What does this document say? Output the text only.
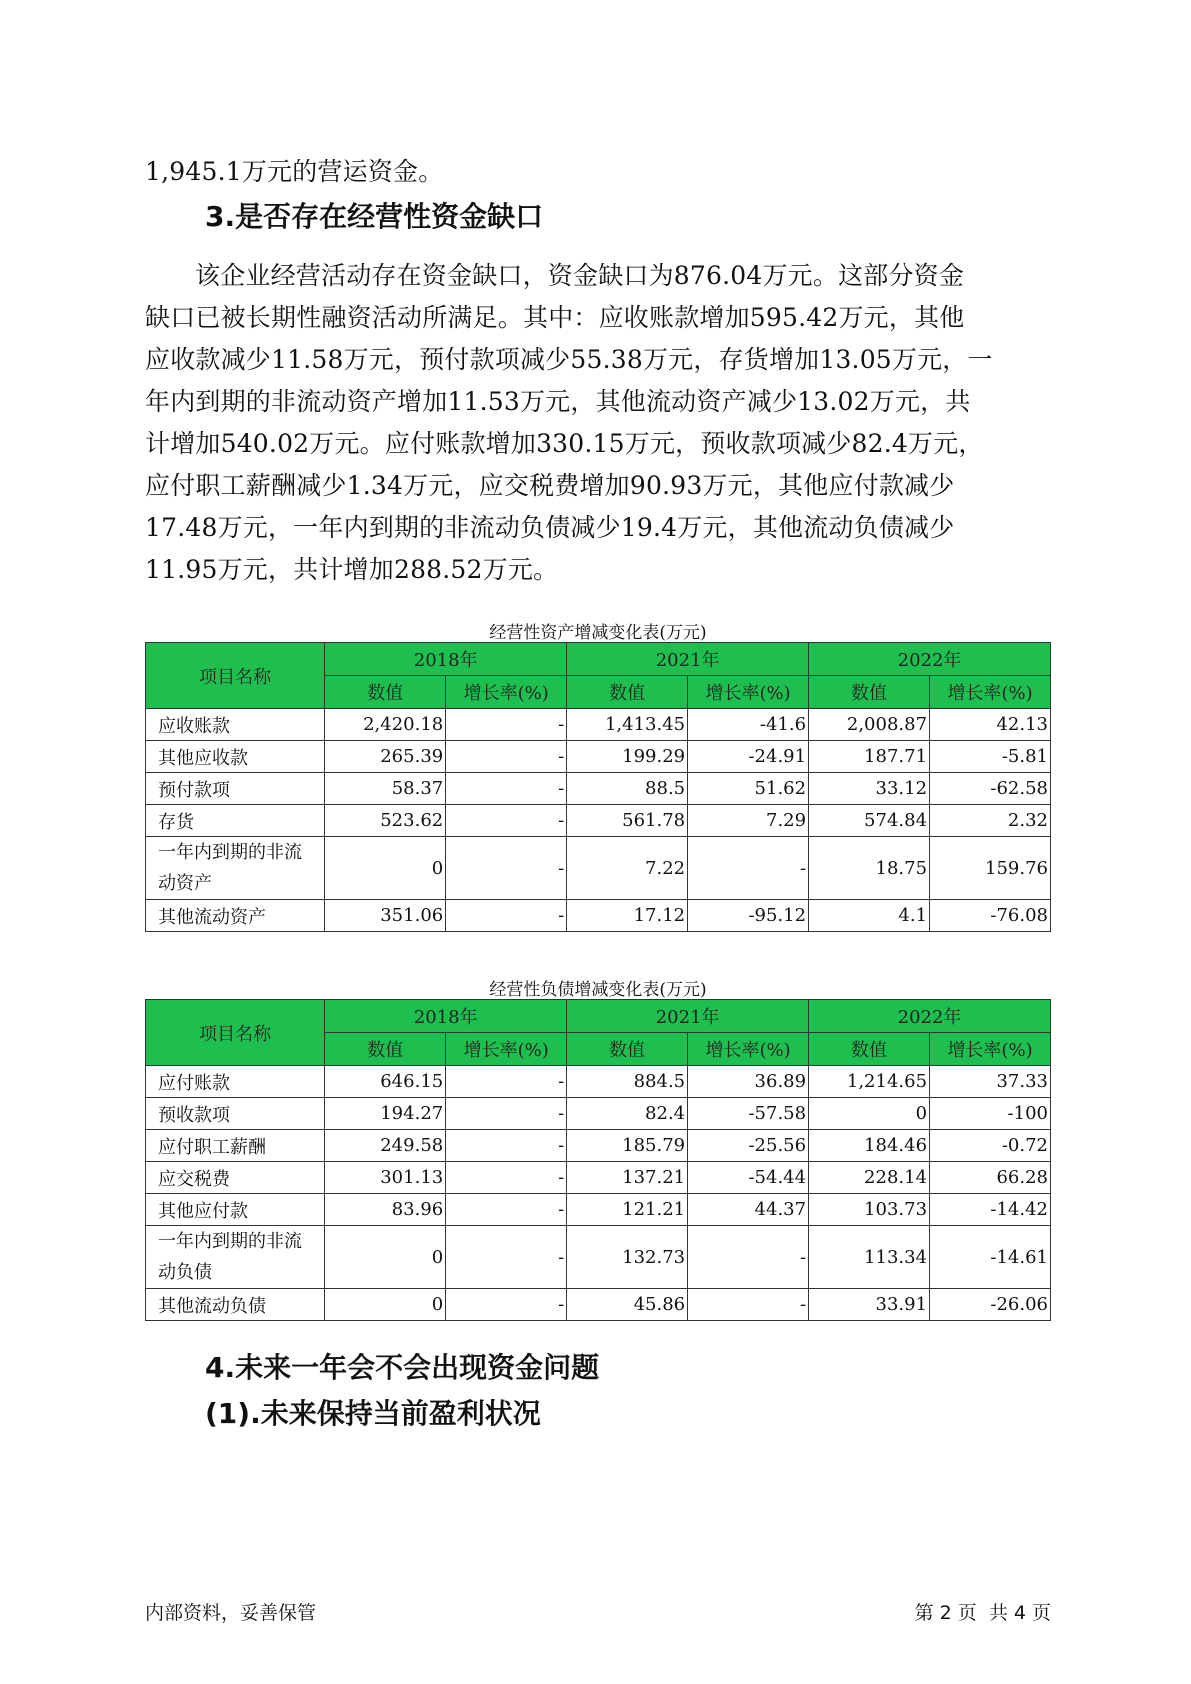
1,945.1万元的营运资金。
3.是否存在经营性资金缺口
该企业经营活动存在资金缺口，资金缺口为876.04万元。这部分资金
缺口已被长期性融资活动所满足。其中：应收账款增加595.42万元，其他
应收款减少11.58万元，预付款项减少55.38万元，存货增加13.05万元，一
年内到期的非流动资产增加11.53万元，其他流动资产减少13.02万元，共
计增加540.02万元。应付账款增加330.15万元，预收款项减少82.4万元，
应付职工薪酬减少1.34万元，应交税费增加90.93万元，其他应付款减少
17.48万元，一年内到期的非流动负债减少19.4万元，其他流动负债减少
11.95万元，共计增加288.52万元。
经营性资产增减变化表(万元)
项目名称	2018年		2021年		2022年	
	数值	增长率(%)	数值	增长率(%)	数值	增长率(%)

应收账款	2,420.18	-	1,413.45	-41.6	2,008.87	42.13

其他应收款	265.39	-	199.29	-24.91	187.71	-5.81

预付款项	58.37	-	88.5	51.62	33.12	-62.58

存货	523.62	-	561.78	7.29	574.84	2.32

一年内到期的非流
动资产	0	-	7.22	-	18.75	159.76

其他流动资产	351.06	-	17.12	-95.12	4.1	-76.08
经营性负债增减变化表(万元)
项目名称	2018年		2021年		2022年	
	数值	增长率(%)	数值	增长率(%)	数值	增长率(%)

应付账款	646.15	-	884.5	36.89	1,214.65	37.33

预收款项	194.27	-	82.4	-57.58	0	-100

应付职工薪酬	249.58	-	185.79	-25.56	184.46	-0.72

应交税费	301.13	-	137.21	-54.44	228.14	66.28

其他应付款	83.96	-	121.21	44.37	103.73	-14.42

一年内到期的非流
动负债	0	-	132.73	-	113.34	-14.61

其他流动负债	0	-	45.86	-	33.91	-26.06
4.未来一年会不会出现资金问题
(1).未来保持当前盈利状况
内部资料，妥善保管	第 2 页  共 4 页
